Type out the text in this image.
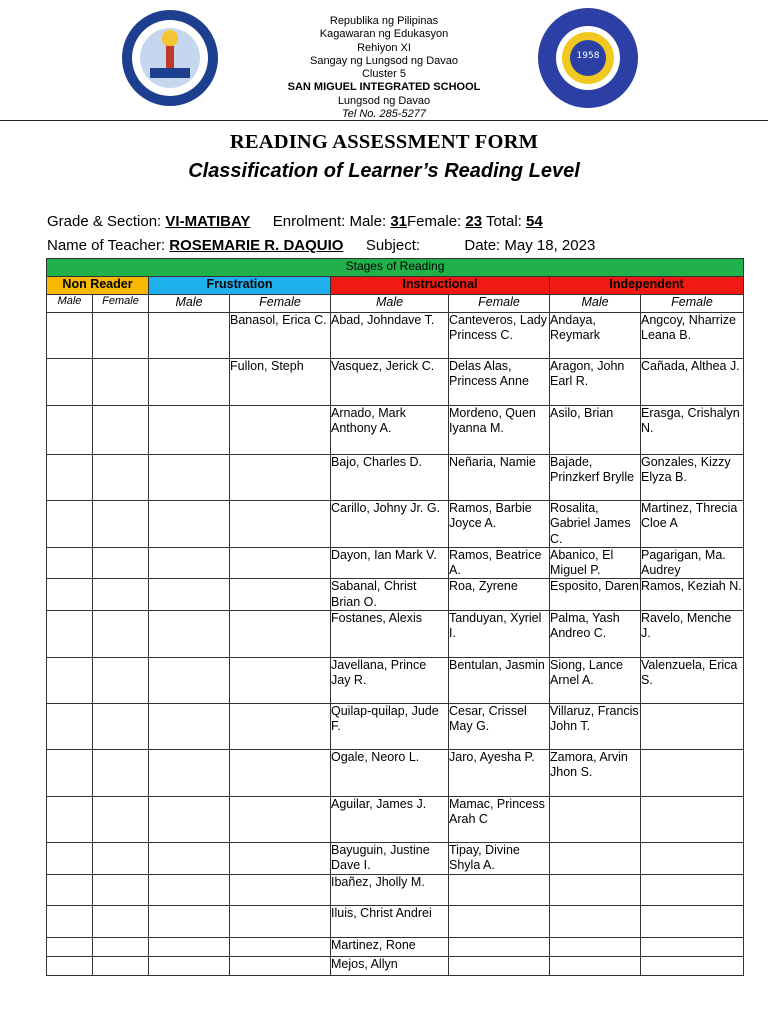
Republika ng Pilipinas
Kagawaran ng Edukasyon
Rehiyon XI
Sangay ng Lungsod ng Davao
Cluster 5
SAN MIGUEL INTEGRATED SCHOOL
Lungsod ng Davao
Tel No. 285-5277
1958
READING ASSESSMENT FORM
Classification of Learner’s Reading Level
Grade & Section: VI-MATIBAY Enrolment: Male: 31Female: 23 Total: 54
Name of Teacher: ROSEMARIE R. DAQUIO Subject:	Date: May 18, 2023
Stages of Reading							
Non Reader		Frustration		Instructional		Independent	
Male	Female	Male	Female	Male	Female	Male	Female
			Banasol, Erica C.	Abad, Johndave T.	Canteveros, Lady Princess C.	Andaya, Reymark	Angcoy, Nharrize Leana B.
			Fullon, Steph	Vasquez, Jerick C.	Delas Alas, Princess Anne	Aragon, John Earl R.	Cañada, Althea J.
				Arnado, Mark Anthony A.	Mordeno, Quen Iyanna M.	Asilo, Brian	Erasga, Crishalyn N.
				Bajo, Charles D.	Neñaria, Namie	Bajade, Prinzkerf Brylle	Gonzales, Kizzy Elyza B.
				Carillo, Johny Jr. G.	Ramos, Barbie Joyce A.	Rosalita, Gabriel James C.	Martinez, Threcia Cloe A
				Dayon, Ian Mark V.	Ramos, Beatrice A.	Abanico, El Miguel P.	Pagarigan, Ma. Audrey
				Sabanal, Christ Brian O.	Roa, Zyrene	Esposito, Daren	Ramos, Keziah N.
				Fostanes, Alexis	Tanduyan, Xyriel I.	Palma, Yash Andreo C.	Ravelo, Menche J.
				Javellana, Prince Jay R.	Bentulan, Jasmin	Siong, Lance Arnel A.	Valenzuela, Erica S.
				Quilap-quilap, Jude F.	Cesar, Crissel May G.	Villaruz, Francis John T.	
				Ogale, Neoro L.	Jaro, Ayesha P.	Zamora, Arvin Jhon S.	
				Aguilar, James J.	Mamac, Princess Arah C		
				Bayuguin, Justine Dave I.	Tipay, Divine Shyla A.		
				Ibañez, Jholly M.			
				Iluis, Christ Andrei			
				Martinez, Rone			
				Mejos, Allyn			
